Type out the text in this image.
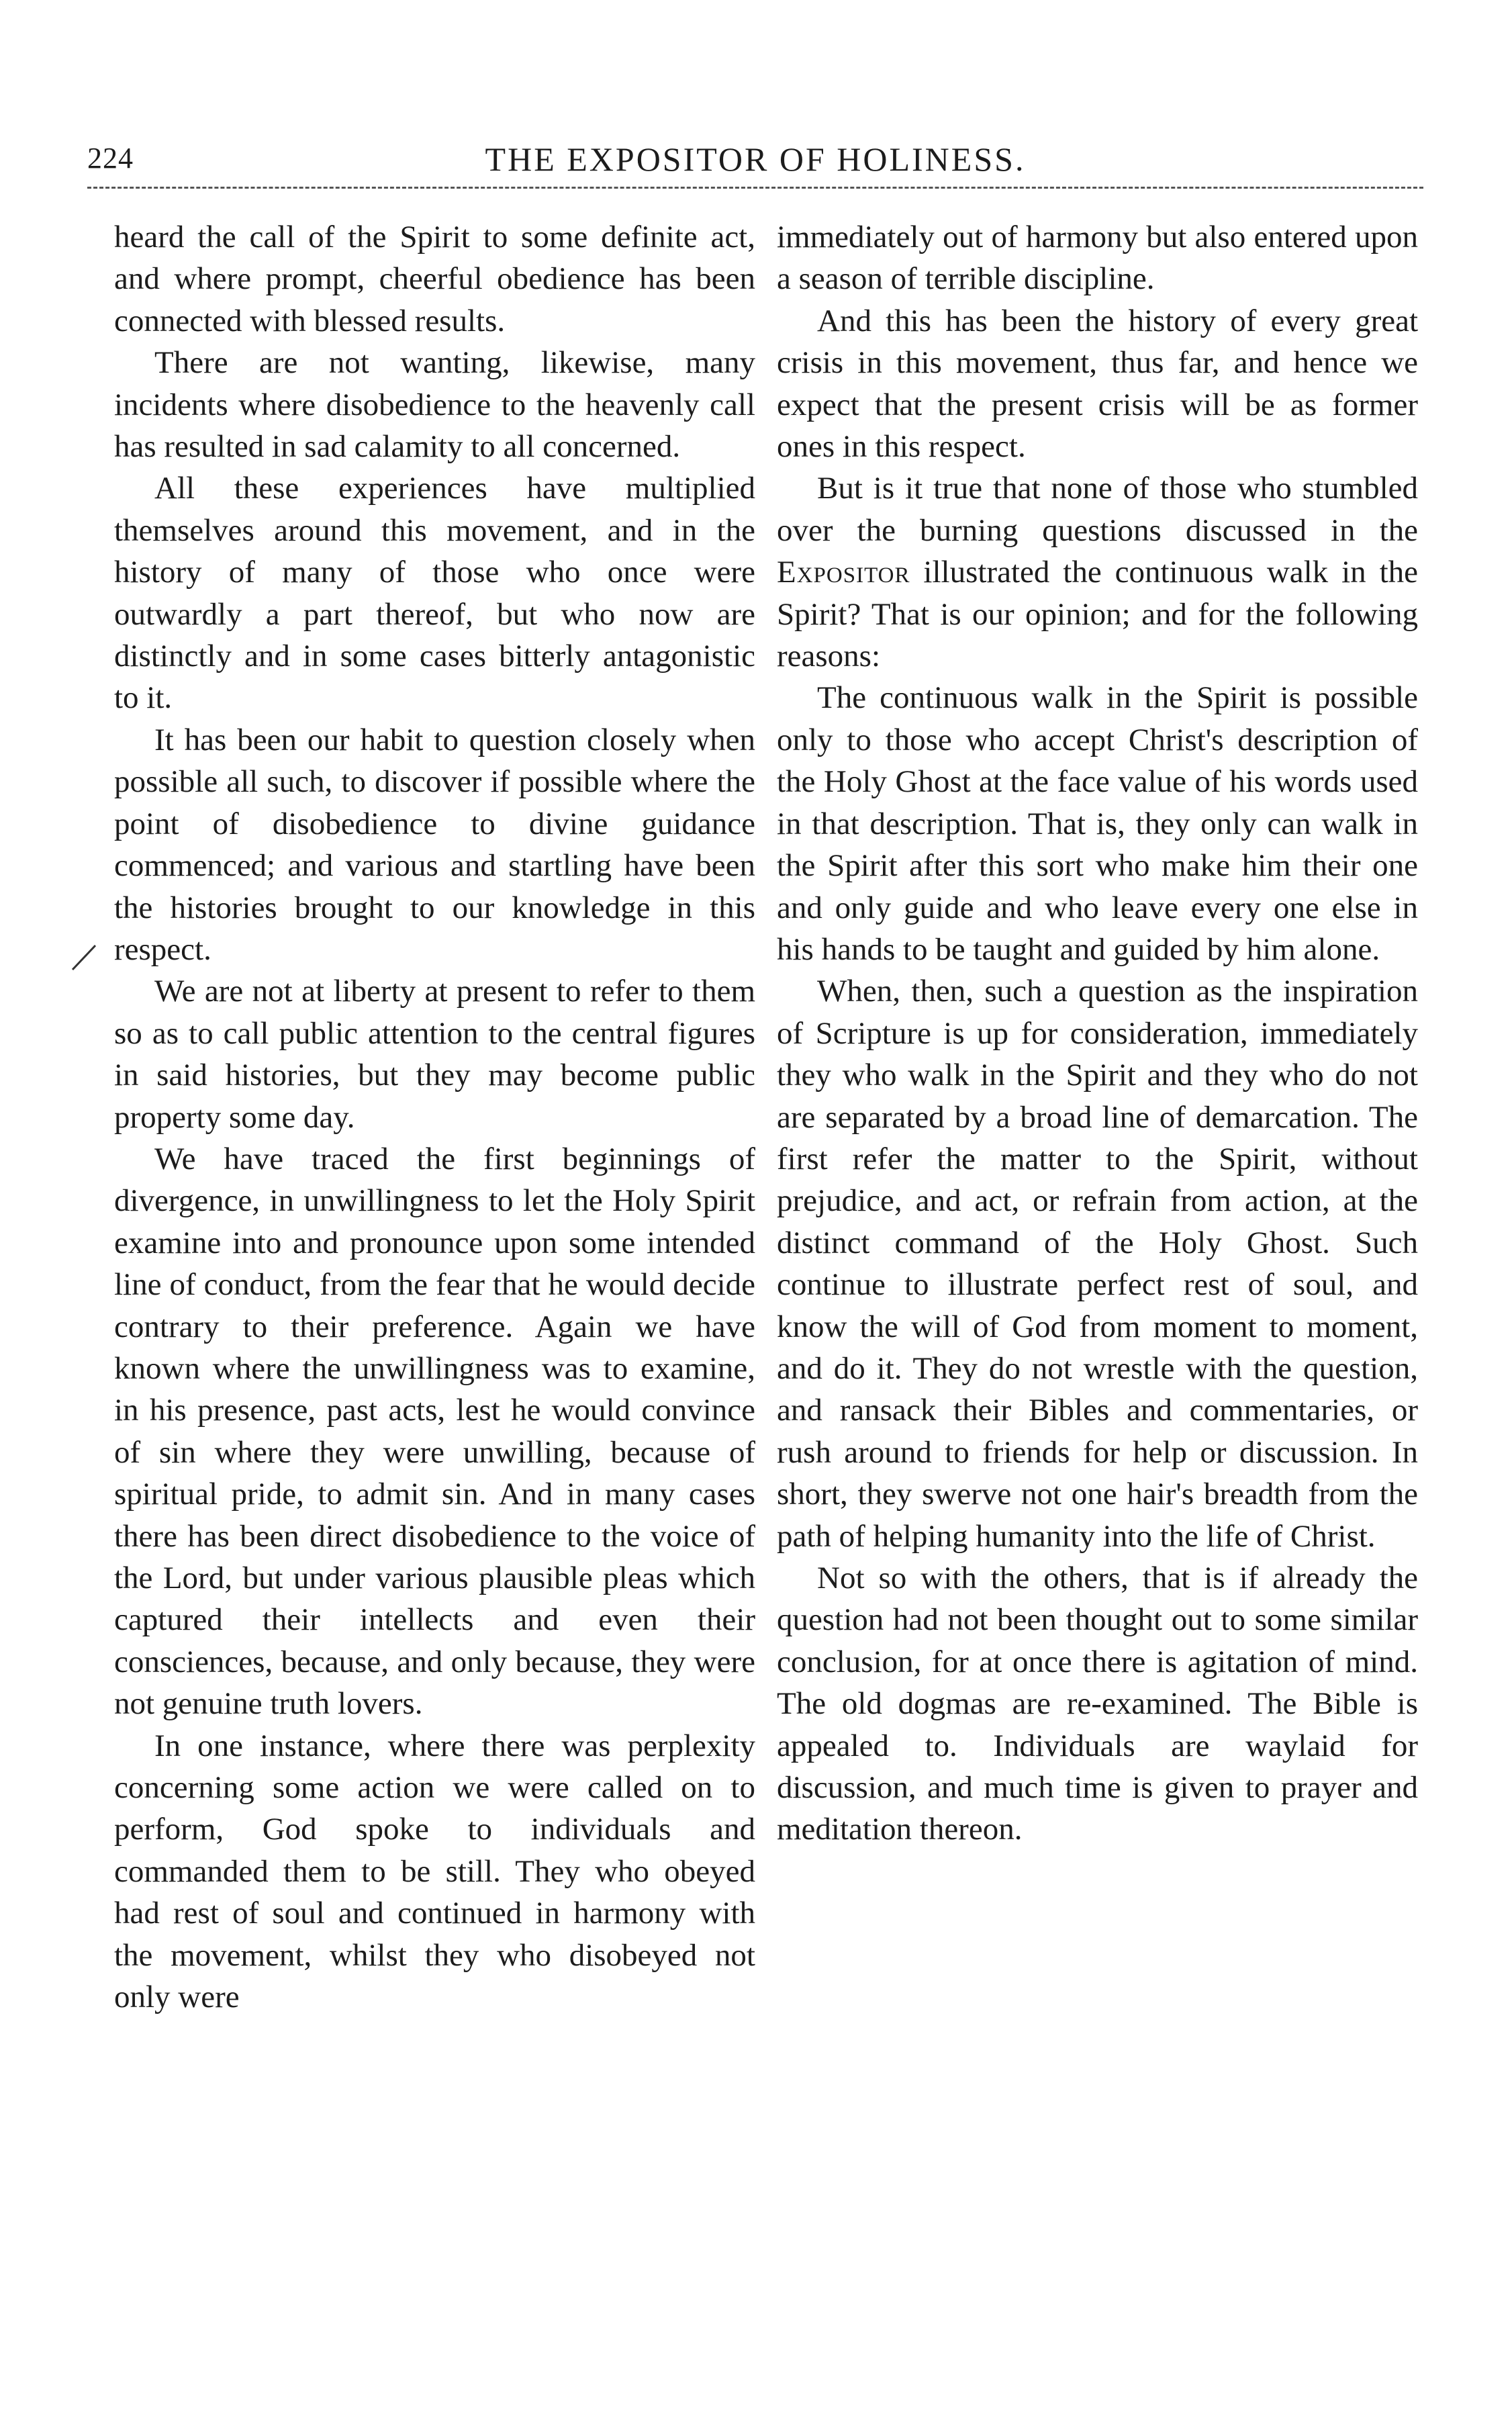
224	THE EXPOSITOR OF HOLINESS.

heard the call of the Spirit to some definite act, and where prompt, cheerful obedience has been connected with blessed results.

There are not wanting, likewise, many incidents where disobedience to the heavenly call has resulted in sad calamity to all concerned.

All these experiences have multiplied themselves around this movement, and in the history of many of those who once were outwardly a part thereof, but who now are distinctly and in some cases bitterly antagonistic to it.

It has been our habit to question closely when possible all such, to discover if possible where the point of disobedience to divine guidance commenced; and various and startling have been the histories brought to our knowledge in this respect.

We are not at liberty at present to refer to them so as to call public attention to the central figures in said histories, but they may become public property some day.

We have traced the first beginnings of divergence, in unwillingness to let the Holy Spirit examine into and pronounce upon some intended line of conduct, from the fear that he would decide contrary to their preference. Again we have known where the unwillingness was to examine, in his presence, past acts, lest he would convince of sin where they were unwilling, because of spiritual pride, to admit sin. And in many cases there has been direct disobedience to the voice of the Lord, but under various plausible pleas which captured their intellects and even their consciences, because, and only because, they were not genuine truth lovers.

In one instance, where there was perplexity concerning some action we were called on to perform, God spoke to individuals and commanded them to be still. They who obeyed had rest of soul and continued in harmony with the movement, whilst they who disobeyed not only were

immediately out of harmony but also entered upon a season of terrible discipline.

And this has been the history of every great crisis in this movement, thus far, and hence we expect that the present crisis will be as former ones in this respect.

But is it true that none of those who stumbled over the burning questions discussed in the Expositor illustrated the continuous walk in the Spirit? That is our opinion; and for the following reasons:

The continuous walk in the Spirit is possible only to those who accept Christ's description of the Holy Ghost at the face value of his words used in that description. That is, they only can walk in the Spirit after this sort who make him their one and only guide and who leave every one else in his hands to be taught and guided by him alone.

When, then, such a question as the inspiration of Scripture is up for consideration, immediately they who walk in the Spirit and they who do not are separated by a broad line of demarcation. The first refer the matter to the Spirit, without prejudice, and act, or refrain from action, at the distinct command of the Holy Ghost. Such continue to illustrate perfect rest of soul, and know the will of God from moment to moment, and do it. They do not wrestle with the question, and ransack their Bibles and commentaries, or rush around to friends for help or discussion. In short, they swerve not one hair's breadth from the path of helping humanity into the life of Christ.

Not so with the others, that is if already the question had not been thought out to some similar conclusion, for at once there is agitation of mind. The old dogmas are re-examined. The Bible is appealed to. Individuals are waylaid for discussion, and much time is given to prayer and meditation thereon.
